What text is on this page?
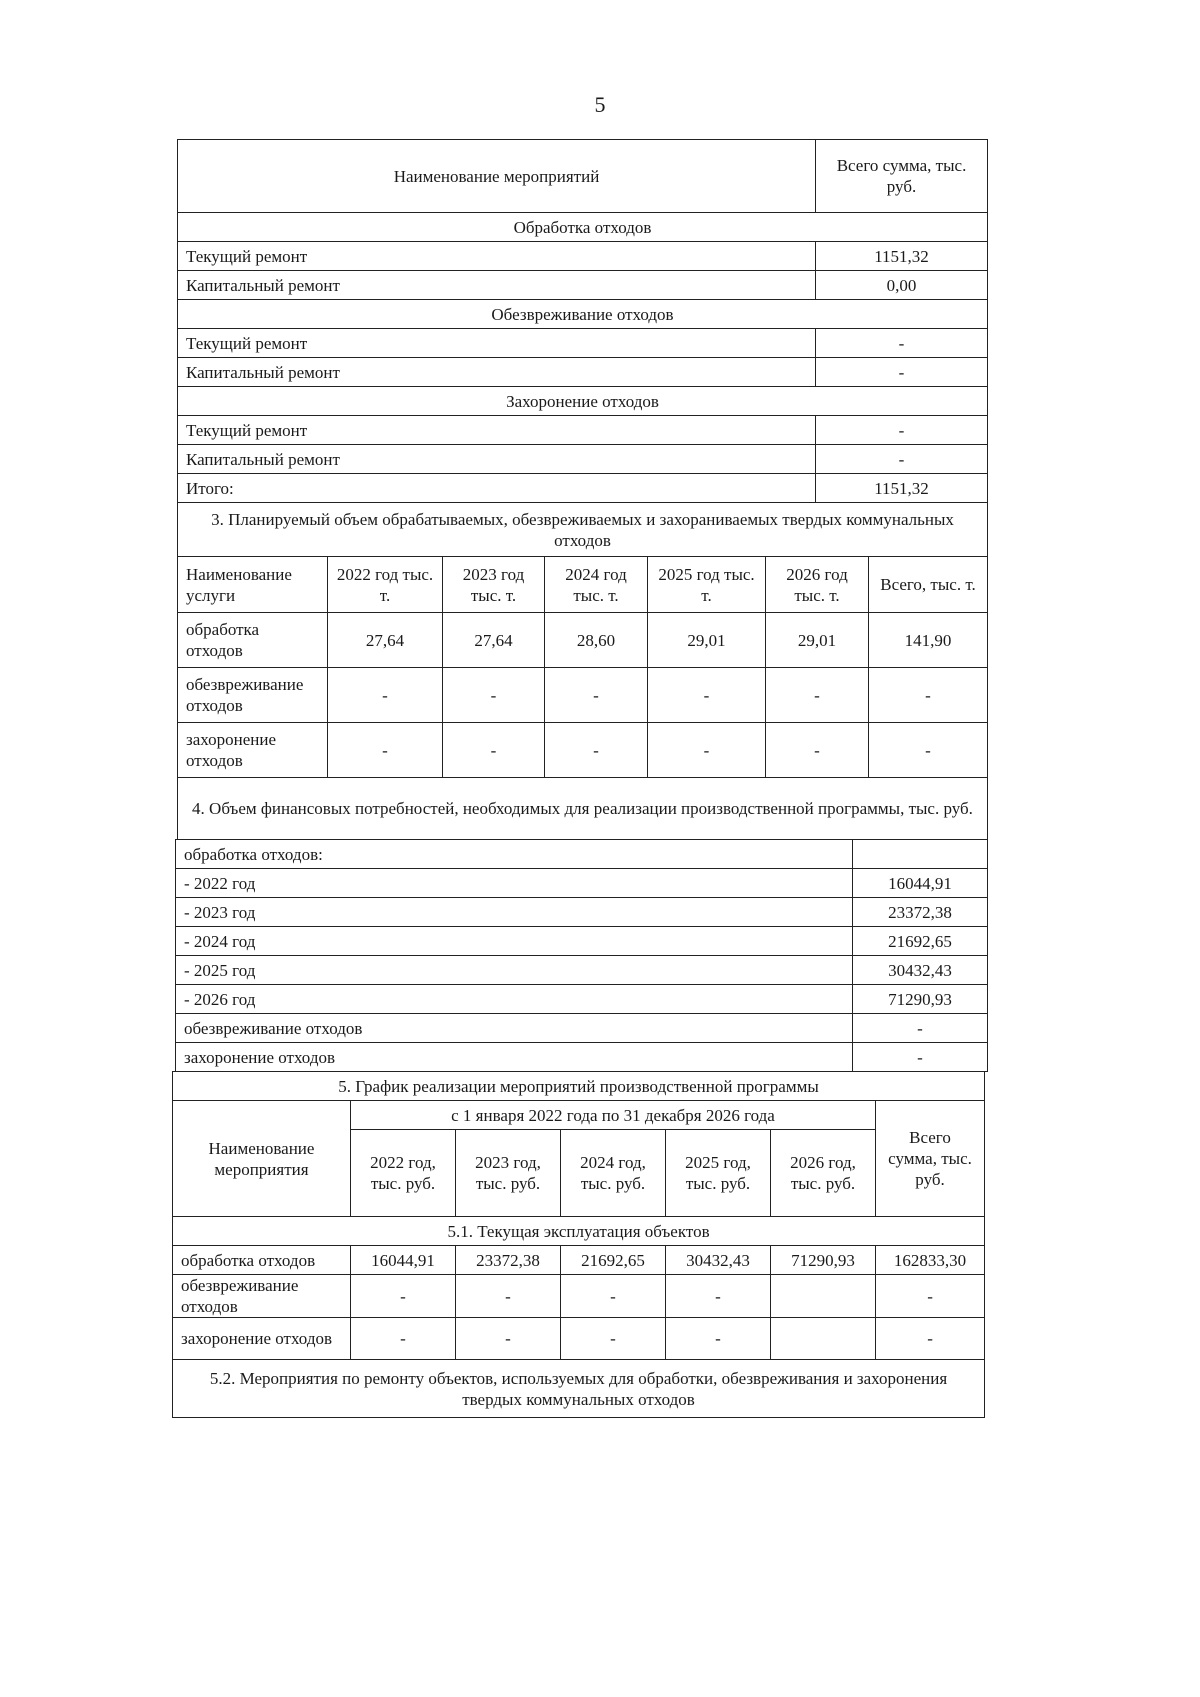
5
Наименование мероприятий	Всего сумма, тыс. руб.
Обработка отходов	
Текущий ремонт	1151,32
Капитальный ремонт	0,00
Обезвреживание отходов	
Текущий ремонт	-
Капитальный ремонт	-
Захоронение отходов	
Текущий ремонт	-
Капитальный ремонт	-
Итого:	1151,32
3. Планируемый объем обрабатываемых, обезвреживаемых и захораниваемых твердых коммунальных отходов						
Наименование услуги	2022 год тыс. т.	2023 год тыс. т.	2024 год тыс. т.	2025 год тыс. т.	2026 год тыс. т.	Всего, тыс. т.
обработка отходов	27,64	27,64	28,60	29,01	29,01	141,90
обезвреживание отходов	-	-	-	-	-	-
захоронение отходов	-	-	-	-	-	-
4. Объем финансовых потребностей, необходимых для реализации производственной программы, тыс. руб.						
обработка отходов:	
- 2022 год	16044,91
- 2023 год	23372,38
- 2024 год	21692,65
- 2025 год	30432,43
- 2026 год	71290,93
обезвреживание отходов	-
захоронение отходов	-
5. График реализации мероприятий производственной программы						
Наименование мероприятия	с 1 января 2022 года по 31 декабря 2026 года					Всего сумма, тыс. руб.
	2022 год, тыс. руб.	2023 год, тыс. руб.	2024 год, тыс. руб.	2025 год, тыс. руб.	2026 год, тыс. руб.	
5.1. Текущая эксплуатация объектов						
обработка отходов	16044,91	23372,38	21692,65	30432,43	71290,93	162833,30
обезвреживание отходов	-	-	-	-		-
захоронение отходов	-	-	-	-		-
5.2. Мероприятия по ремонту объектов, используемых для обработки, обезвреживания и захоронения твердых коммунальных отходов						
